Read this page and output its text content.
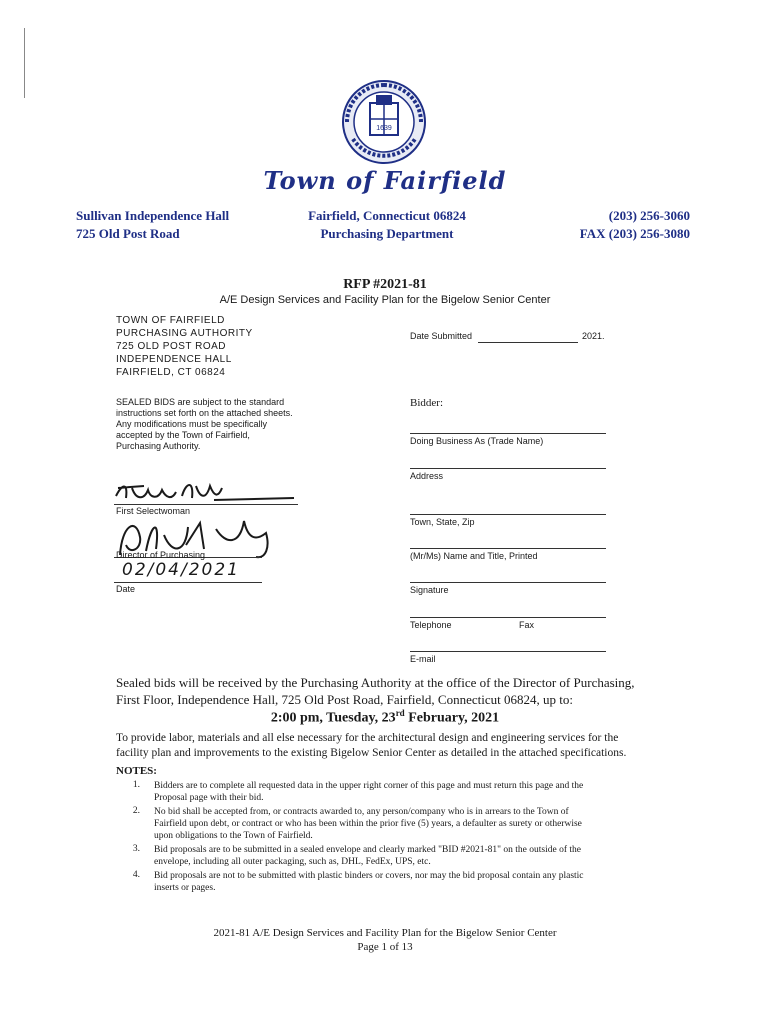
1639
Town of Fairfield
Sullivan Independence Hall
725 Old Post Road
Fairfield, Connecticut 06824
Purchasing Department
(203) 256-3060
FAX (203) 256-3080
RFP #2021-81
A/E Design Services and Facility Plan for the Bigelow Senior Center
TOWN OF FAIRFIELD
PURCHASING AUTHORITY
725 OLD POST ROAD
INDEPENDENCE HALL
FAIRFIELD, CT 06824
SEALED BIDS are subject to the standard
instructions set forth on the attached sheets.
Any modifications must be specifically
accepted by the Town of Fairfield,
Purchasing Authority.
First Selectwoman
Director of Purchasing
02/04/2021
Date
Date Submitted	2021.
Bidder:
Doing Business As (Trade Name)
Address
Town, State, Zip
(Mr/Ms) Name and Title, Printed
Signature
Telephone	Fax
E-mail
Sealed bids will be received by the Purchasing Authority at the office of the Director of Purchasing,
First Floor, Independence Hall, 725 Old Post Road, Fairfield, Connecticut 06824, up to:
2:00 pm, Tuesday, 23rd February, 2021
To provide labor, materials and all else necessary for the architectural design and engineering services for the
facility plan and improvements to the existing Bigelow Senior Center as detailed in the attached specifications.
NOTES:
1. Bidders are to complete all requested data in the upper right corner of this page and must return this page and the
Proposal page with their bid.
2. No bid shall be accepted from, or contracts awarded to, any person/company who is in arrears to the Town of
Fairfield upon debt, or contract or who has been within the prior five (5) years, a defaulter as surety or otherwise
upon obligations to the Town of Fairfield.
3. Bid proposals are to be submitted in a sealed envelope and clearly marked "BID #2021-81" on the outside of the
envelope, including all outer packaging, such as, DHL, FedEx, UPS, etc.
4. Bid proposals are not to be submitted with plastic binders or covers, nor may the bid proposal contain any plastic
inserts or pages.
2021-81 A/E Design Services and Facility Plan for the Bigelow Senior Center
Page 1 of 13
